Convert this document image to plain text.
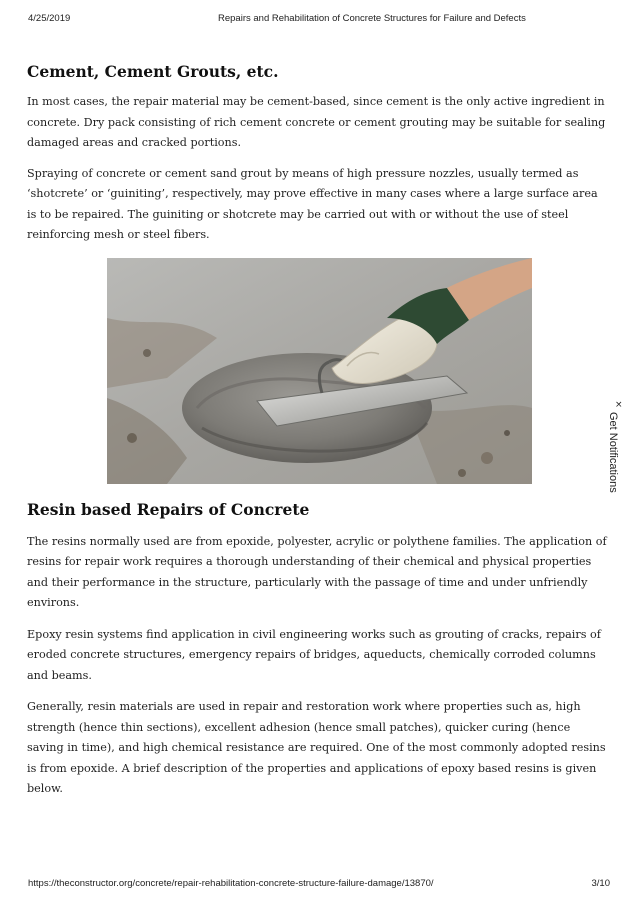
4/25/2019	Repairs and Rehabilitation of Concrete Structures for Failure and Defects
Cement, Cement Grouts, etc.

In most cases, the repair material may be cement-based, since cement is the only active ingredient in concrete. Dry pack consisting of rich cement concrete or cement grouting may be suitable for sealing damaged areas and cracked portions.

Spraying of concrete or cement sand grout by means of high pressure nozzles, usually termed as ‘shotcrete’ or ‘guiniting’, respectively, may prove effective in many cases where a large surface area is to be repaired. The guiniting or shotcrete may be carried out with or without the use of steel reinforcing mesh or steel fibers.

Resin based Repairs of Concrete

The resins normally used are from epoxide, polyester, acrylic or polythene families. The application of resins for repair work requires a thorough understanding of their chemical and physical properties and their performance in the structure, particularly with the passage of time and under unfriendly environs.

Epoxy resin systems find application in civil engineering works such as grouting of cracks, repairs of eroded concrete structures, emergency repairs of bridges, aqueducts, chemically corroded columns and beams.

Generally, resin materials are used in repair and restoration work where properties such as, high strength (hence thin sections), excellent adhesion (hence small patches), quicker curing (hence saving in time), and high chemical resistance are required. One of the most commonly adopted resins is from epoxide. A brief description of the properties and applications of epoxy based resins is given below.

×
Get Notifications
https://theconstructor.org/concrete/repair-rehabilitation-concrete-structure-failure-damage/13870/	3/10
